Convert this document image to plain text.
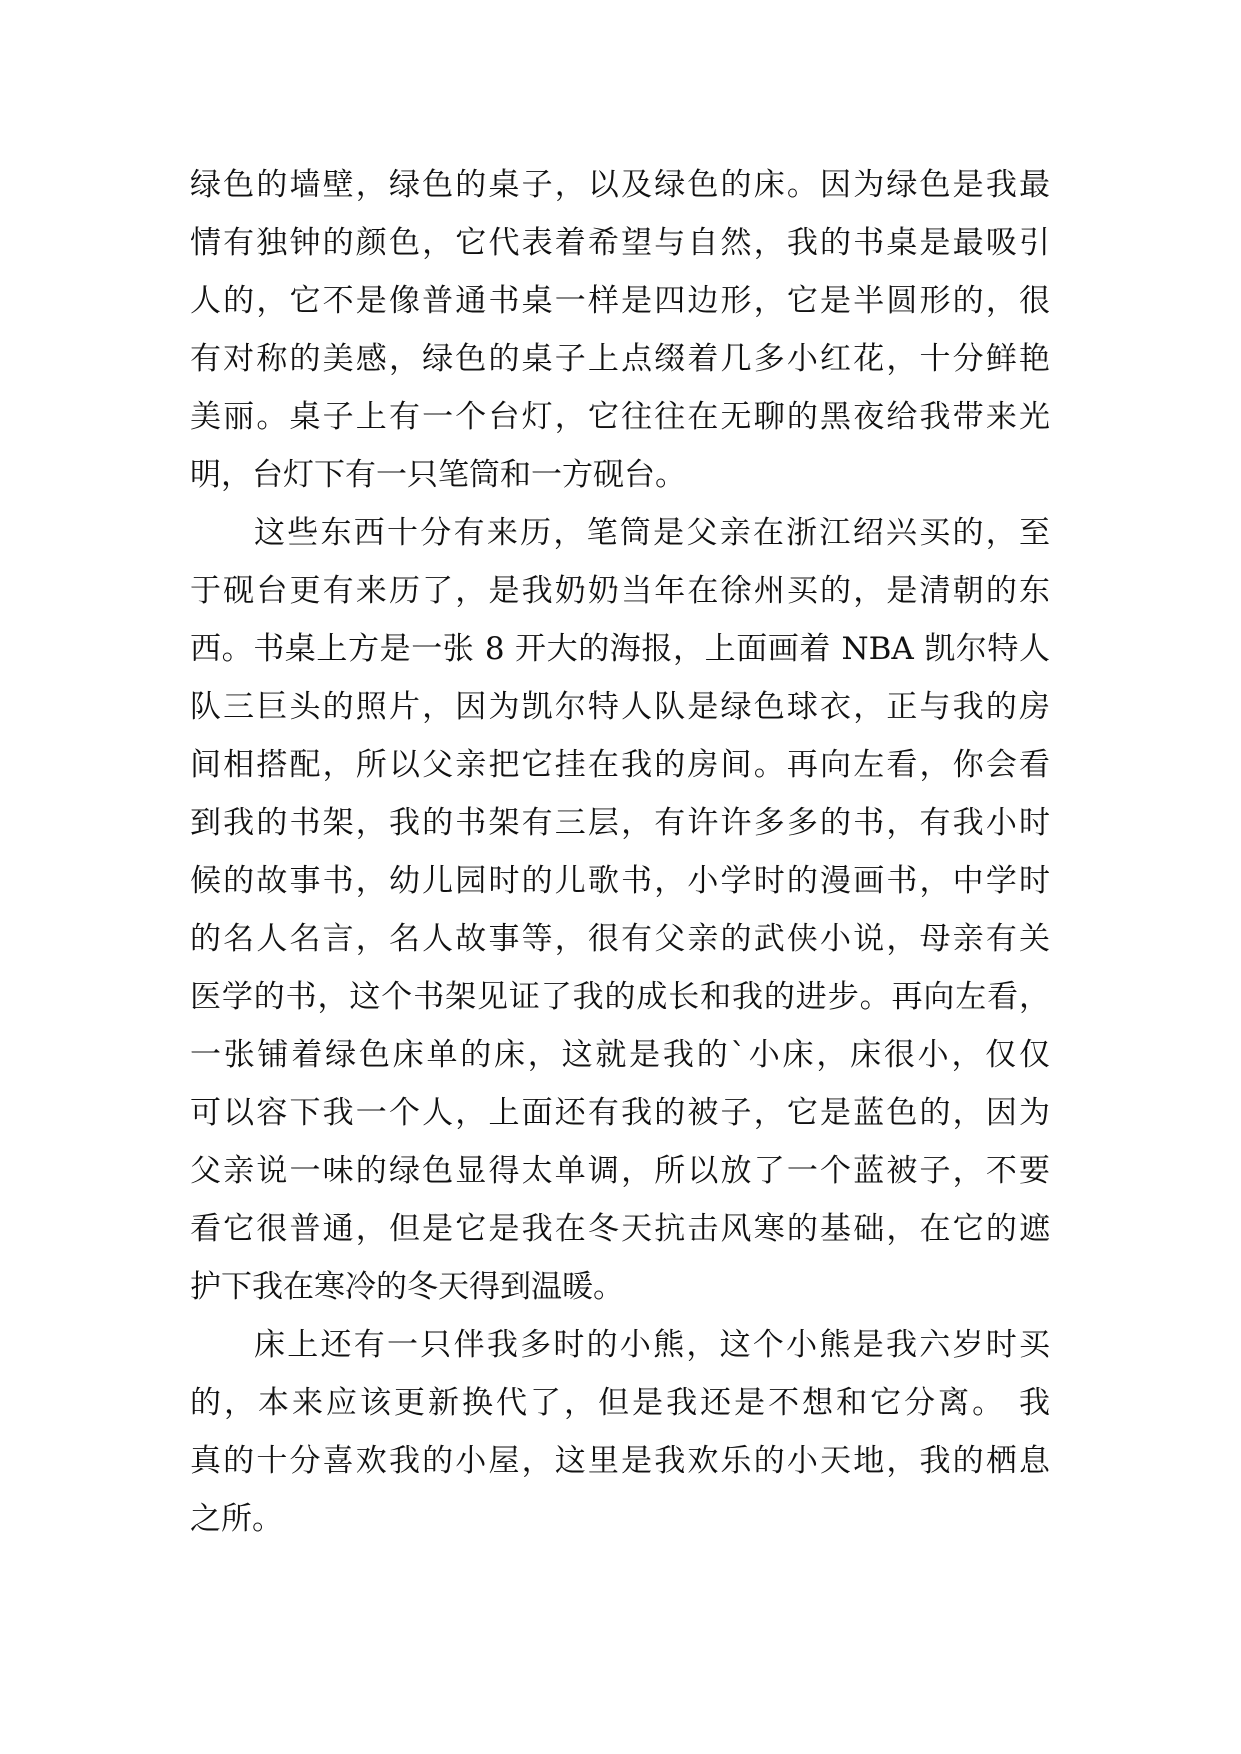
绿色的墙壁，绿色的桌子，以及绿色的床。因为绿色是我最
情有独钟的颜色，它代表着希望与自然，我的书桌是最吸引
人的，它不是像普通书桌一样是四边形，它是半圆形的，很
有对称的美感，绿色的桌子上点缀着几多小红花，十分鲜艳
美丽。桌子上有一个台灯，它往往在无聊的黑夜给我带来光
明，台灯下有一只笔筒和一方砚台。
这些东西十分有来历，笔筒是父亲在浙江绍兴买的，至
于砚台更有来历了，是我奶奶当年在徐州买的，是清朝的东
西。书桌上方是一张 8 开大的海报，上面画着 NBA 凯尔特人
队三巨头的照片，因为凯尔特人队是绿色球衣，正与我的房
间相搭配，所以父亲把它挂在我的房间。再向左看，你会看
到我的书架，我的书架有三层，有许许多多的书，有我小时
候的故事书，幼儿园时的儿歌书，小学时的漫画书，中学时
的名人名言，名人故事等，很有父亲的武侠小说，母亲有关
医学的书，这个书架见证了我的成长和我的进步。再向左看，
一张铺着绿色床单的床，这就是我的`小床，床很小，仅仅
可以容下我一个人，上面还有我的被子，它是蓝色的，因为
父亲说一味的绿色显得太单调，所以放了一个蓝被子，不要
看它很普通，但是它是我在冬天抗击风寒的基础，在它的遮
护下我在寒冷的冬天得到温暖。
床上还有一只伴我多时的小熊，这个小熊是我六岁时买
的，本来应该更新换代了，但是我还是不想和它分离。 我
真的十分喜欢我的小屋，这里是我欢乐的小天地，我的栖息
之所。
